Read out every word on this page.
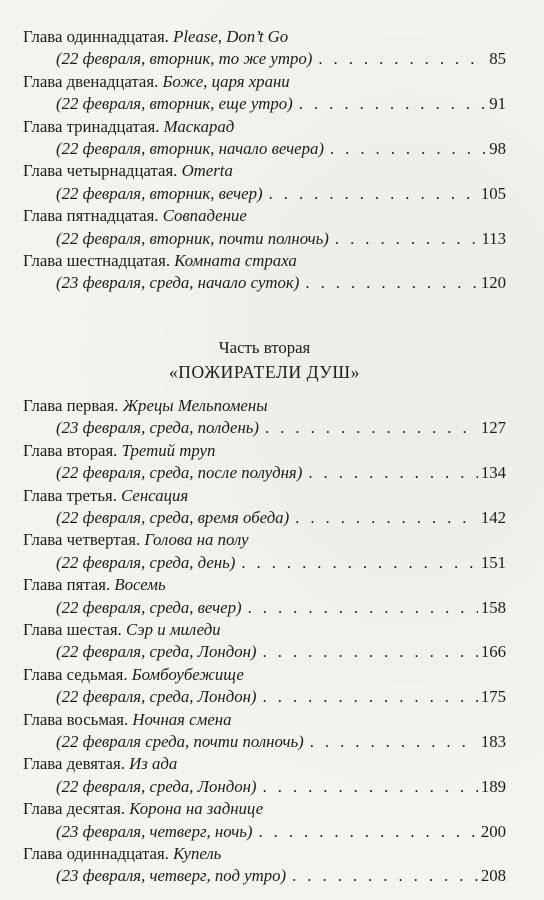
Глава одиннадцатая. Please, Don’t Go
(22 февраля, вторник, то же утро) . . .	85
Глава двенадцатая. Боже, царя храни
(22 февраля, вторник, еще утро) . . .	91
Глава тринадцатая. Маскарад
(22 февраля, вторник, начало вечера) . . .	98
Глава четырнадцатая. Omerta
(22 февраля, вторник, вечер) . . .	105
Глава пятнадцатая. Совпадение
(22 февраля, вторник, почти полночь) . . .	113
Глава шестнадцатая. Комната страха
(23 февраля, среда, начало суток) . . .	120
Часть вторая
«ПОЖИРАТЕЛИ ДУШ»
Глава первая. Жрецы Мельпомены
(23 февраля, среда, полдень) . . .	127
Глава вторая. Третий труп
(22 февраля, среда, после полудня) . . .	134
Глава третья. Сенсация
(22 февраля, среда, время обеда) . . .	142
Глава четвертая. Голова на полу
(22 февраля, среда, день) . . .	151
Глава пятая. Восемь
(22 февраля, среда, вечер) . . .	158
Глава шестая. Сэр и миледи
(22 февраля, среда, Лондон) . . .	166
Глава седьмая. Бомбоубежище
(22 февраля, среда, Лондон) . . .	175
Глава восьмая. Ночная смена
(22 февраля среда, почти полночь) . . .	183
Глава девятая. Из ада
(22 февраля, среда, Лондон) . . .	189
Глава десятая. Корона на заднице
(23 февраля, четверг, ночь) . . .	200
Глава одиннадцатая. Купель
(23 февраля, четверг, под утро) . . .	208
